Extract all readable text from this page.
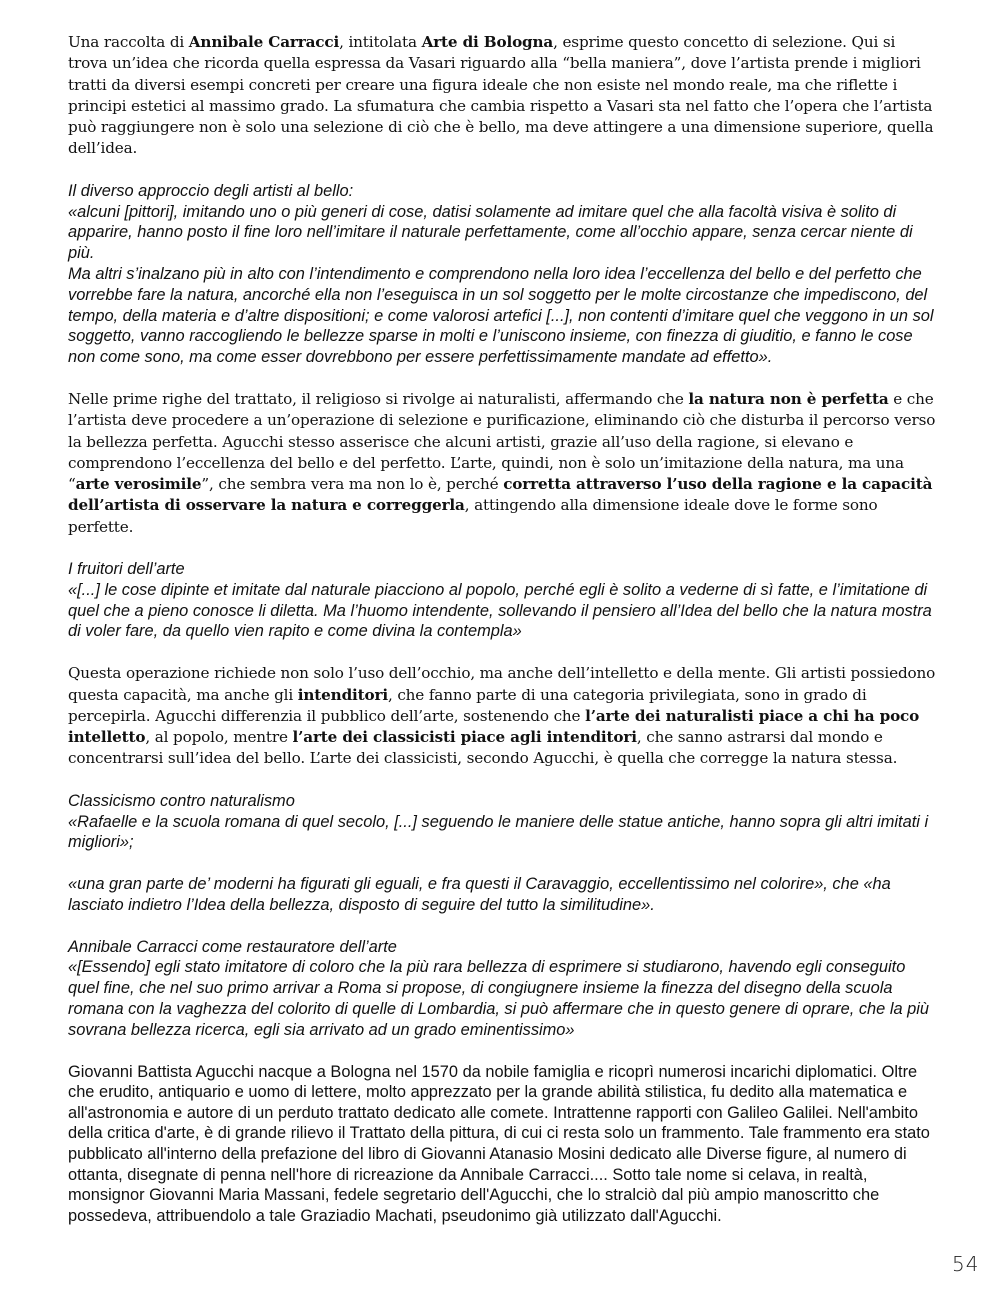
Una raccolta di Annibale Carracci, intitolata Arte di Bologna, esprime questo concetto di selezione. Qui si trova un’idea che ricorda quella espressa da Vasari riguardo alla “bella maniera”, dove l’artista prende i migliori tratti da diversi esempi concreti per creare una figura ideale che non esiste nel mondo reale, ma che riflette i principi estetici al massimo grado. La sfumatura che cambia rispetto a Vasari sta nel fatto che l’opera che l’artista può raggiungere non è solo una selezione di ciò che è bello, ma deve attingere a una dimensione superiore, quella dell’idea.

Il diverso approccio degli artisti al bello:

«alcuni [pittori], imitando uno o più generi di cose, datisi solamente ad imitare quel che alla facoltà visiva è solito di apparire, hanno posto il fine loro nell’imitare il naturale perfettamente, come all’occhio appare, senza cercar niente di più.

Ma altri s’inalzano più in alto con l’intendimento e comprendono nella loro idea l’eccellenza del bello e del perfetto che vorrebbe fare la natura, ancorché ella non l’eseguisca in un sol soggetto per le molte circostanze che impediscono, del tempo, della materia e d’altre dispositioni; e come valorosi artefici [...], non contenti d’imitare quel che veggono in un sol soggetto, vanno raccogliendo le bellezze sparse in molti e l’uniscono insieme, con finezza di giuditio, e fanno le cose non come sono, ma come esser dovrebbono per essere perfettissimamente mandate ad effetto».

Nelle prime righe del trattato, il religioso si rivolge ai naturalisti, affermando che la natura non è perfetta e che l’artista deve procedere a un’operazione di selezione e purificazione, eliminando ciò che disturba il percorso verso la bellezza perfetta. Agucchi stesso asserisce che alcuni artisti, grazie all’uso della ragione, si elevano e comprendono l’eccellenza del bello e del perfetto. L’arte, quindi, non è solo un’imitazione della natura, ma una “arte verosimile”, che sembra vera ma non lo è, perché corretta attraverso l’uso della ragione e la capacità dell’artista di osservare la natura e correggerla, attingendo alla dimensione ideale dove le forme sono perfette.

I fruitori dell’arte

«[...] le cose dipinte et imitate dal naturale piacciono al popolo, perché egli è solito a vederne di sì fatte, e l’imitatione di quel che a pieno conosce li diletta. Ma l’huomo intendente, sollevando il pensiero all’Idea del bello che la natura mostra di voler fare, da quello vien rapito e come divina la contempla»

Questa operazione richiede non solo l’uso dell’occhio, ma anche dell’intelletto e della mente. Gli artisti possiedono questa capacità, ma anche gli intenditori, che fanno parte di una categoria privilegiata, sono in grado di percepirla. Agucchi differenzia il pubblico dell’arte, sostenendo che l’arte dei naturalisti piace a chi ha poco intelletto, al popolo, mentre l’arte dei classicisti piace agli intenditori, che sanno astrarsi dal mondo e concentrarsi sull’idea del bello. L’arte dei classicisti, secondo Agucchi, è quella che corregge la natura stessa.

Classicismo contro naturalismo

«Rafaelle e la scuola romana di quel secolo, [...] seguendo le maniere delle statue antiche, hanno sopra gli altri imitati i migliori»;

«una gran parte de’ moderni ha figurati gli eguali, e fra questi il Caravaggio, eccellentissimo nel colorire», che «ha lasciato indietro l’Idea della bellezza, disposto di seguire del tutto la similitudine».

Annibale Carracci come restauratore dell’arte

«[Essendo] egli stato imitatore di coloro che la più rara bellezza di esprimere si studiarono, havendo egli conseguito quel fine, che nel suo primo arrivar a Roma si propose, di congiugnere insieme la finezza del disegno della scuola romana con la vaghezza del colorito di quelle di Lombardia, si può affermare che in questo genere di oprare, che la più sovrana bellezza ricerca, egli sia arrivato ad un grado eminentissimo»

Giovanni Battista Agucchi nacque a Bologna nel 1570 da nobile famiglia e ricoprì numerosi incarichi diplomatici. Oltre che erudito, antiquario e uomo di lettere, molto apprezzato per la grande abilità stilistica, fu dedito alla matematica e all'astronomia e autore di un perduto trattato dedicato alle comete. Intrattenne rapporti con Galileo Galilei. Nell'ambito della critica d'arte, è di grande rilievo il Trattato della pittura, di cui ci resta solo un frammento. Tale frammento era stato pubblicato all'interno della prefazione del libro di Giovanni Atanasio Mosini dedicato alle Diverse figure, al numero di ottanta, disegnate di penna nell'hore di ricreazione da Annibale Carracci.... Sotto tale nome si celava, in realtà, monsignor Giovanni Maria Massani, fedele segretario dell'Agucchi, che lo stralciò dal più ampio manoscritto che possedeva, attribuendolo a tale Graziadio Machati, pseudonimo già utilizzato dall'Agucchi.

54
